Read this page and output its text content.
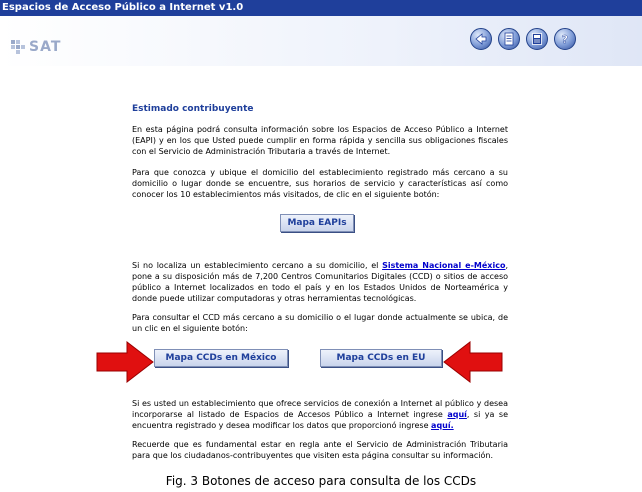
Espacios de Acceso Público a Internet v1.0
SAT	?
Estimado contribuyente
En esta página podrá consulta información sobre los Espacios de Acceso Público a Internet (EAPI) y en los que Usted puede cumplir en forma rápida y sencilla sus obligaciones fiscales con el Servicio de Administración Tributaria a través de Internet.
Para que conozca y ubique el domicilio del establecimiento registrado más cercano a su domicilio o lugar donde se encuentre, sus horarios de servicio y características así como conocer los 10 establecimientos más visitados, de clic en el siguiente botón:
Mapa EAPIs
Si no localiza un establecimiento cercano a su domicilio, el Sistema Nacional e-México, pone a su disposición más de 7,200 Centros Comunitarios Digitales (CCD) o sitios de acceso público a Internet localizados en todo el país y en los Estados Unidos de Norteamérica y donde puede utilizar computadoras y otras herramientas tecnológicas.
Para consultar el CCD más cercano a su domicilio o el lugar donde actualmente se ubica, de un clic en el siguiente botón:
Mapa CCDs en México	Mapa CCDs en EU
Si es usted un establecimiento que ofrece servicios de conexión a Internet al público y desea incorporarse al listado de Espacios de Accesos Público a Internet ingrese aquí, si ya se encuentra registrado y desea modificar los datos que proporcionó ingrese aquí.
Recuerde que es fundamental estar en regla ante el Servicio de Administración Tributaria para que los ciudadanos-contribuyentes que visiten esta página consultar su información.
Fig. 3 Botones de acceso para consulta de los CCDs
